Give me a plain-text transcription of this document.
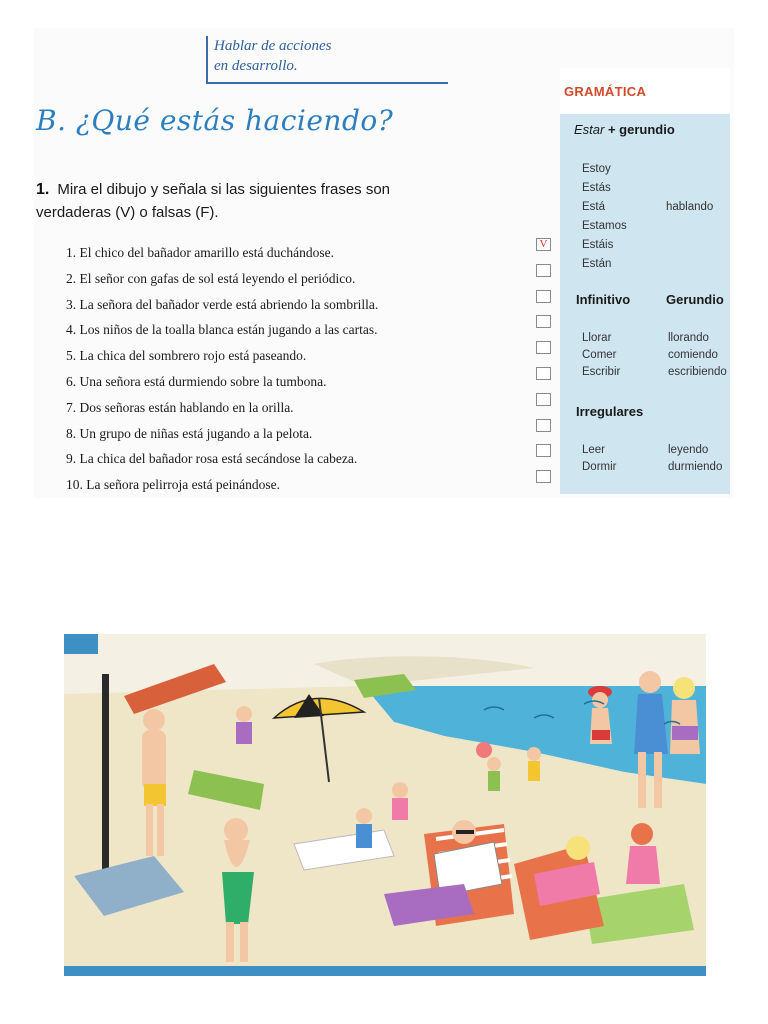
Hablar de acciones
en desarrollo.
B. ¿Qué estás haciendo?
1. Mira el dibujo y señala si las siguientes frases son verdaderas (V) o falsas (F).
1. El chico del bañador amarillo está duchándose.
2. El señor con gafas de sol está leyendo el periódico.
3. La señora del bañador verde está abriendo la sombrilla.
4. Los niños de la toalla blanca están jugando a las cartas.
5. La chica del sombrero rojo está paseando.
6. Una señora está durmiendo sobre la tumbona.
7. Dos señoras están hablando en la orilla.
8. Un grupo de niñas está jugando a la pelota.
9. La chica del bañador rosa está secándose la cabeza.
10. La señora pelirroja está peinándose.
V
GRAMÁTICA
Estar + gerundio
Estoy
Estás
Está
Estamos
Estáis
Están
hablando
Infinitivo	Gerundio
Llorar
Comer
Escribir
llorando
comiendo
escribiendo
Irregulares
Leer
Dormir
leyendo
durmiendo
